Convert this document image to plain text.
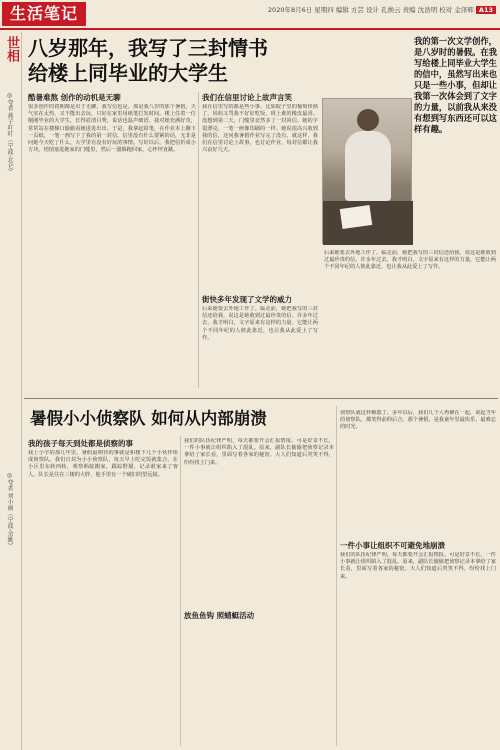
生活笔记	2020年8月6日 星期四 编辑 方芸 设计 孔焕云 责编 沈浩明 校对 金泽辉 A13
世相
◎夸者 燕子叮叮（宁波·北仑）
◎夸者 刘小丽（宁波·余姚）
八岁那年，我写了三封情书
给楼上同毕业的大学生
酷暑难熬 创作的动机是无聊
很多创作的初期都是出于无聊，我写信也是。那是我八岁的那个暑假，天气实在太热，又不能出去玩，只好在家里用纸笔打发时间。楼上住着一位刚刚毕业的大学生，长得眉清目秀，说话也温声细语。我对她充满好奇，常常站在楼梯口偷偷看她进进出出。于是，我拿起铅笔，在作业本上撕下一页纸，一笔一画写下了我的第一封信。信里没有什么要紧的话，无非是问她今天吃了什么，大学里有没有好玩的事情。写好以后，我把信折成小方块，悄悄塞进她家的门缝里，然后一溜烟跑回家，心怦怦直跳。
我们在信里讨论上故声言笑
我在信里写的都是些小事，比如院子里的葡萄快熟了，妈妈又骂我不好好吃饭，班上谁的橡皮最香。没想到第二天，门缝里竟然多了一封回信。她的字很漂亮，一笔一画像印刷的一样。她说很高兴收到我的信，还问我暑假作业写完了没有。就这样，我们在信里讨论上故事，也讨论作业，每封信都让我兴奋好几天。
街快多年发现了文学的威力
后来她要去外地工作了。临走前，她把我写的三封信还给我，说这是她收到过最珍贵的信。许多年过去，我才明白，文字原来有这样的力量，它能让两个不同年纪的人彼此靠近，也让我从此爱上了写作。
我的第一次文学创作，是八岁时的暑假。在我写给楼上同毕业大学生的信中，虽然写出来也只是一些小事，但却让我第一次体会到了文字的力量，以前我从来没有想到写东西还可以这样有趣。
后来她要去外地工作了。临走前，她把我写的三封信还给我，说这是她收到过最珍贵的信。许多年过去，我才明白，文字原来有这样的力量，它能让两个不同年纪的人彼此靠近，也让我从此爱上了写作。
暑假小小侦察队 如何从内部崩溃
我的孩子每天到处都是侦察的事
我上小学的那几年里，暑假最期待的事就是和楼下几个小伙伴组成侦察队。我们自封为小小侦察队，每天早上吃完饭就集合，在小区里东转西转，观察蚂蚁搬家，跟踪野猫，记录谁家来了客人。队长是住在三楼的大胖，他手里有一个破旧的望远镜。
放鱼鱼钩 照蜻蜓活动
我们的队伍纪律严明，每天都要开会汇报情报。可是好景不长，一件小事就让组织陷入了混乱。原来，副队长偷偷把侦察记录本拿给了家长看，里面写着各家的秘密。大人们知道后哭笑不得，纷纷找上门来。
一件小事让组织不可避免地崩溃
侦察队就这样解散了。多年以后，我们几个人再聚在一起，说起当年的侦察队，都笑得前仰后合。那个暑假，是我童年里最快乐、最难忘的时光。
我们的队伍纪律严明，每天都要开会汇报情报。可是好景不长，一件小事就让组织陷入了混乱。原来，副队长偷偷把侦察记录本拿给了家长看，里面写着各家的秘密。大人们知道后哭笑不得，纷纷找上门来。
